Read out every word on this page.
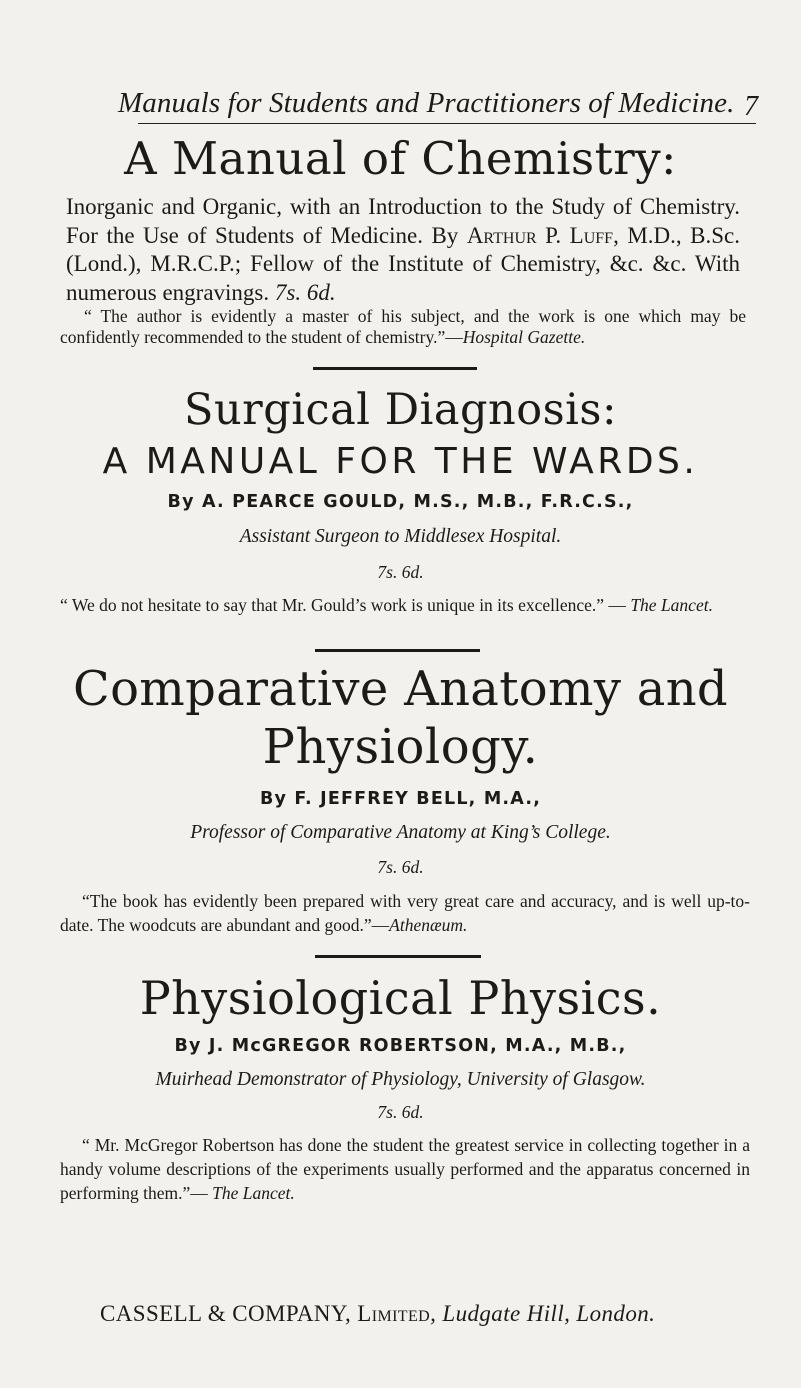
Manuals for Students and Practitioners of Medicine. 7
A Manual of Chemistry:
Inorganic and Organic, with an Introduction to the Study of Chemistry. For the Use of Students of Medicine. By Arthur P. Luff, M.D., B.Sc. (Lond.), M.R.C.P.; Fellow of the Institute of Chemistry, &c. &c. With numerous engravings. 7s. 6d.
“ The author is evidently a master of his subject, and the work is one which may be confidently recommended to the student of chemistry.”—Hospital Gazette.
Surgical Diagnosis:
A MANUAL FOR THE WARDS.
By A. PEARCE GOULD, M.S., M.B., F.R.C.S.,
Assistant Surgeon to Middlesex Hospital.
7s. 6d.
“ We do not hesitate to say that Mr. Gould’s work is unique in its excellence.” — The Lancet.
Comparative Anatomy and
Physiology.
By F. JEFFREY BELL, M.A.,
Professor of Comparative Anatomy at King’s College.
7s. 6d.
“The book has evidently been prepared with very great care and accuracy, and is well up-to-date. The woodcuts are abundant and good.”—Athenæum.
Physiological Physics.
By J. McGREGOR ROBERTSON, M.A., M.B.,
Muirhead Demonstrator of Physiology, University of Glasgow.
7s. 6d.
“ Mr. McGregor Robertson has done the student the greatest service in collecting together in a handy volume descriptions of the experiments usually performed and the apparatus concerned in performing them.”— The Lancet.
CASSELL & COMPANY, Limited, Ludgate Hill, London.
